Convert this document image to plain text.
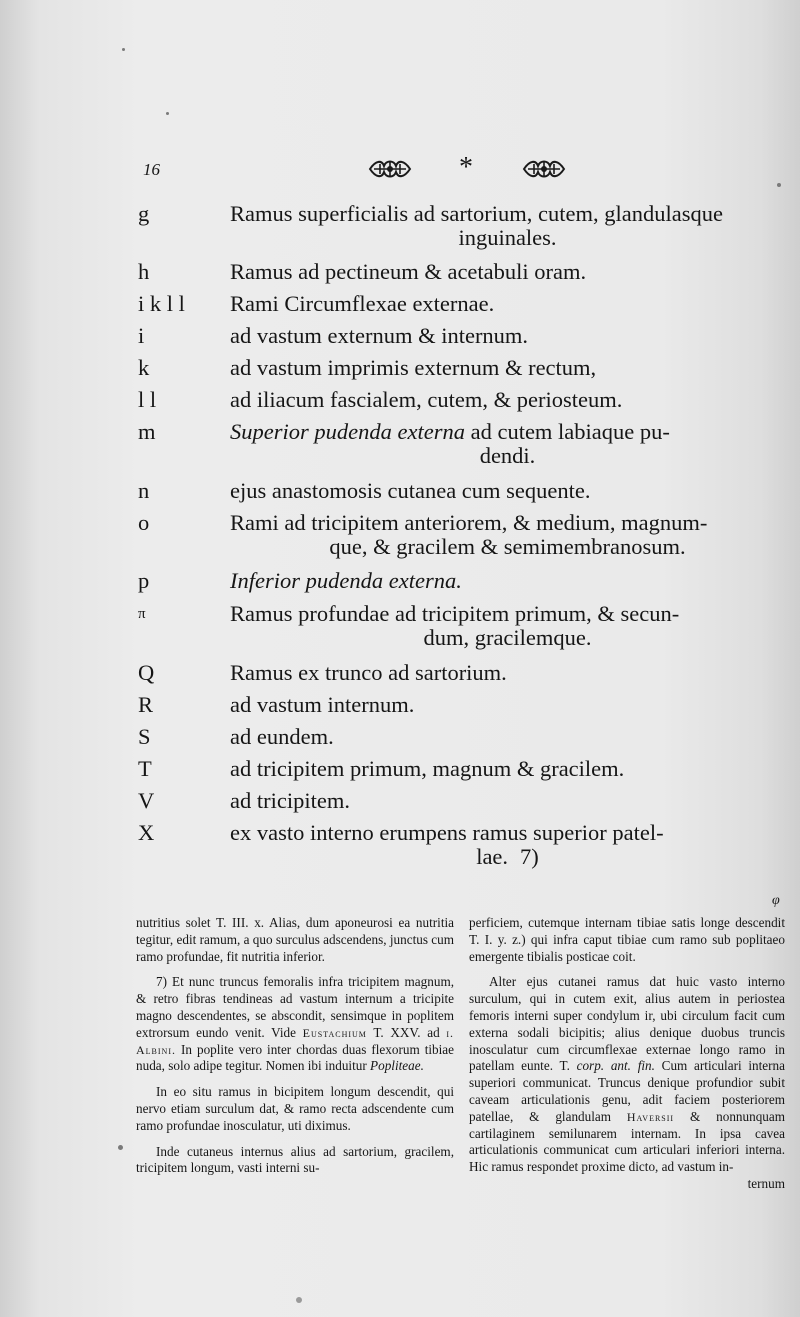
16	*
g	Ramus superficialis ad sartorium, cutem, glandulasque
inguinales.
h	Ramus ad pectineum & acetabuli oram.
i k l l	Rami Circumflexae externae.
i	ad vastum externum & internum.
k	ad vastum imprimis externum & rectum,
l l	ad iliacum fascialem, cutem, & periosteum.
m	Superior pudenda externa ad cutem labiaque pu-
dendi.
n	ejus anastomosis cutanea cum sequente.
o	Rami ad tricipitem anteriorem, & medium, magnum-
que, & gracilem & semimembranosum.
p	Inferior pudenda externa.
π	Ramus profundae ad tricipitem primum, & secun-
dum, gracilemque.
Q	Ramus ex trunco ad sartorium.
R	ad vastum internum.
S	ad eundem.
T	ad tricipitem primum, magnum & gracilem.
V	ad tricipitem.
X	ex vasto interno erumpens ramus superior patel-
lae. 7)
φ

nutritius solet T. III. x. Alias, dum aponeurosi ea nutritia tegitur, edit ramum, a quo surculus adscendens, junctus cum ramo profundae, fit nutritia inferior.

7) Et nunc truncus femoralis infra tricipitem magnum, & retro fibras tendineas ad vastum internum a tricipite magno descendentes, se abscondit, sensimque in poplitem extrorsum eundo venit. Vide Eustachium T. XXV. ad i. Albini. In poplite vero inter chordas duas flexorum tibiae nuda, solo adipe tegitur. Nomen ibi induitur Popliteae.

In eo situ ramus in bicipitem longum descendit, qui nervo etiam surculum dat, & ramo recta adscendente cum ramo profundae inosculatur, uti diximus.

Inde cutaneus internus alius ad sartorium, gracilem, tricipitem longum, vasti interni su-

perficiem, cutemque internam tibiae satis longe descendit T. I. y. z.) qui infra caput tibiae cum ramo sub poplitaeo emergente tibialis posticae coit.

Alter ejus cutanei ramus dat huic vasto interno surculum, qui in cutem exit, alius autem in periostea femoris interni super condylum ir, ubi circulum facit cum externa sodali bicipitis; alius denique duobus truncis inosculatur cum circumflexae externae longo ramo in patellam eunte. T. corp. ant. fin. Cum articulari interna superiori communicat. Truncus denique profundior subit caveam articulationis genu, adit faciem posteriorem patellae, & glandulam Haversii & nonnunquam cartilaginem semilunarem internam. In ipsa cavea articulationis communicat cum articulari inferiori interna. Hic ramus respondet proxime dicto, ad vastum in-
ternum
